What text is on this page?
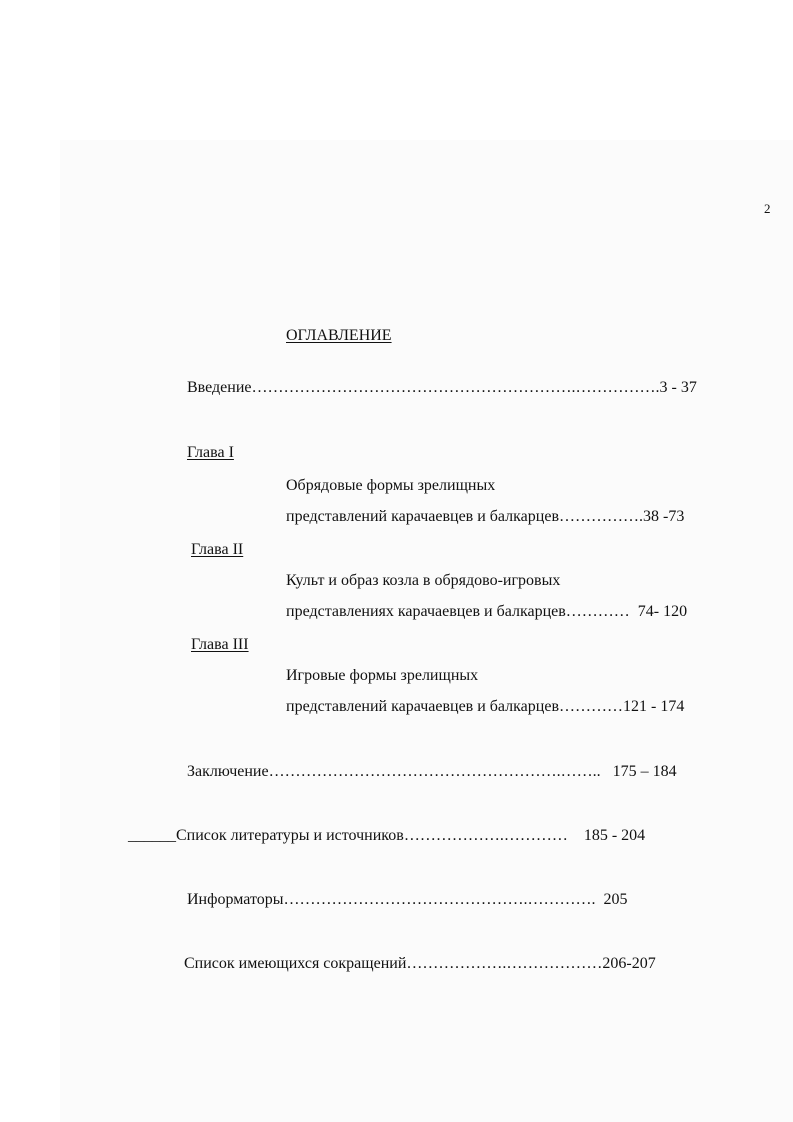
2
ОГЛАВЛЕНИЕ
Введение…………………………………………………….…………….3 - 37
Глава I
Обрядовые формы зрелищных
представлений карачаевцев и балкарцев…………….38 -73
Глава II
Культ и образ козла в обрядово-игровых
представлениях карачаевцев и балкарцев…………  74- 120
Глава III
Игровые формы зрелищных
представлений карачаевцев и балкарцев…………121 - 174
Заключение……………………………………………….……..   175 – 184
______Список литературы и источников……………….…………    185 - 204
Информаторы……………………………………….………….  205
Список имеющихся сокращений……………….………………206-207
